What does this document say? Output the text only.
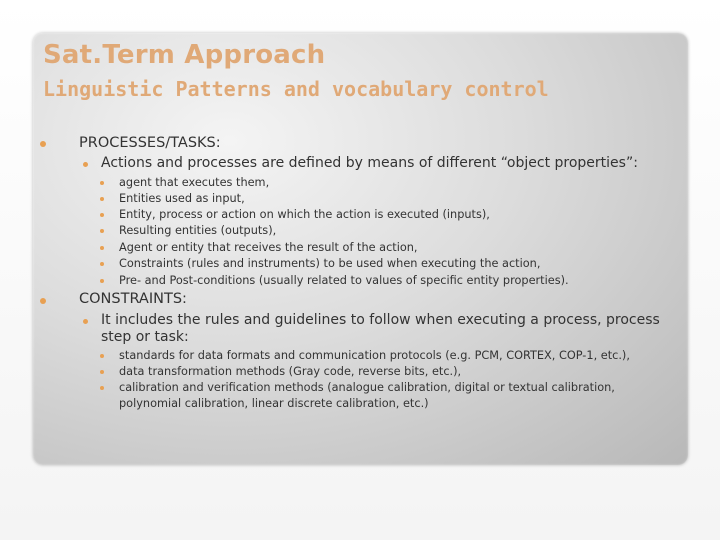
Sat.Term Approach
Linguistic Patterns and vocabulary control
PROCESSES/TASKS:
Actions and processes are defined by means of different “object properties”:
agent that executes them,
Entities used as input,
Entity, process or action on which the action is executed (inputs),
Resulting entities (outputs),
Agent or entity that receives the result of the action,
Constraints (rules and instruments) to be used when executing the action,
Pre- and Post-conditions (usually related to values of specific entity properties).
CONSTRAINTS:
It includes the rules and guidelines to follow when executing a process, process step or task:
standards for data formats and communication protocols (e.g. PCM, CORTEX, COP-1, etc.),
data transformation methods (Gray code, reverse bits, etc.),
calibration and verification methods (analogue calibration, digital or textual calibration, polynomial calibration, linear discrete calibration, etc.)
